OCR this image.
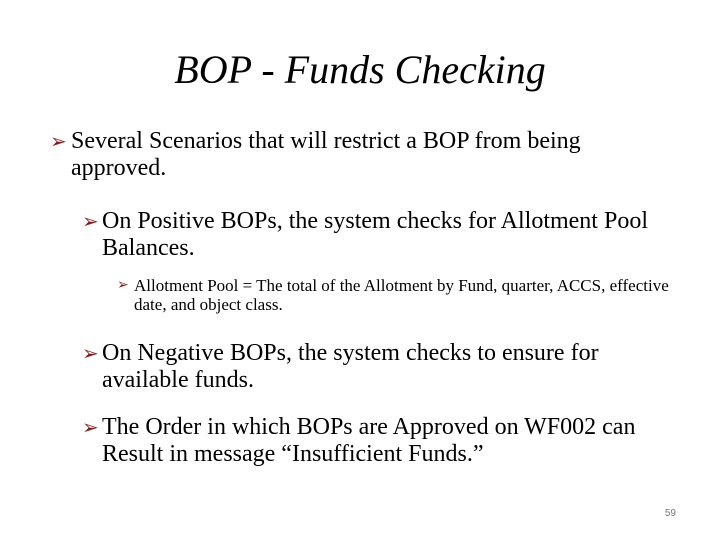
BOP - Funds Checking
➢ Several Scenarios that will restrict a BOP from being approved.
➢ On Positive BOPs, the system checks for Allotment Pool Balances.
➢ Allotment Pool = The total of the Allotment by Fund, quarter, ACCS, effective date, and object class.
➢ On Negative BOPs, the system checks to ensure for available funds.
➢ The Order in which BOPs are Approved on WF002 can Result in message “Insufficient Funds.”
59
